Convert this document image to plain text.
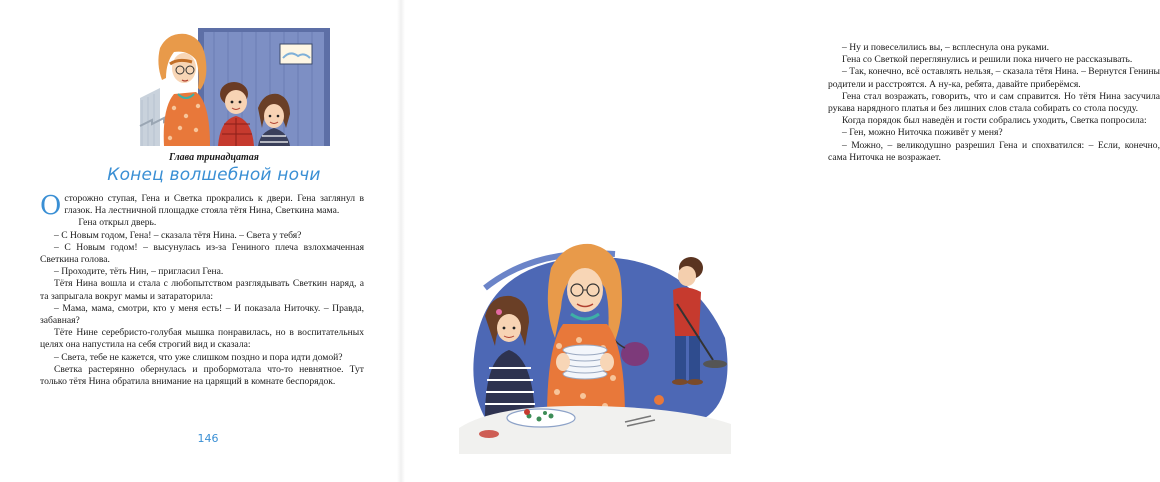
Глава тринадцатая
Конец волшебной ночи

Осторожно ступая, Гена и Светка прокрались к двери. Гена заглянул в глазок. На лестничной площадке стояла тётя Нина, Светкина мама.

Гена открыл дверь.

– С Новым годом, Гена! – сказала тётя Нина. – Света у тебя?

– С Новым годом! – высунулась из-за Гениного плеча взлохмаченная Светкина голова.

– Проходите, тёть Нин, – пригласил Гена.

Тётя Нина вошла и стала с любопытством разглядывать Светкин наряд, а та запрыгала вокруг мамы и затараторила:

– Мама, мама, смотри, кто у меня есть! – И показала Ниточку. – Правда, забавная?

Тёте Нине серебристо-голубая мышка понравилась, но в воспитательных целях она напустила на себя строгий вид и сказала:

– Света, тебе не кажется, что уже слишком поздно и пора идти домой?

Светка растерянно обернулась и пробормотала что-то невнятное. Тут только тётя Нина обратила внимание на царящий в комнате беспорядок.

146

– Ну и повеселились вы, – всплеснула она руками.

Гена со Светкой переглянулись и решили пока ничего не рассказывать.

– Так, конечно, всё оставлять нельзя, – сказала тётя Нина. – Вернутся Генины родители и расстроятся. А ну-ка, ребята, давайте приберёмся.

Гена стал возражать, говорить, что и сам справится. Но тётя Нина засучила рукава нарядного платья и без лишних слов стала собирать со стола посуду.

Когда порядок был наведён и гости собрались уходить, Светка попросила:

– Ген, можно Ниточка поживёт у меня?

– Можно, – великодушно разрешил Гена и спохватился: – Если, конечно, сама Ниточка не возражает.
